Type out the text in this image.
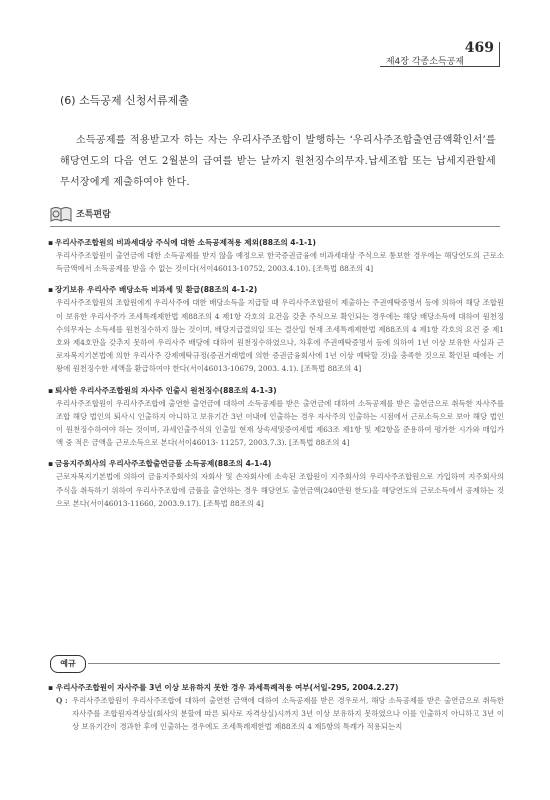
제4장 각종소득공제
469
(6) 소득공제 신청서류제출

소득공제를 적용받고자 하는 자는 우리사주조합이 발행하는 ‘우리사주조합출연금액확인서’를 해당연도의 다음 연도 2월분의 급여를 받는 날까지 원천징수의무자․납세조합 또는 납세지관할세무서장에게 제출하여야 한다.

조특편람
▪ 우리사주조합원의 비과세대상 주식에 대한 소득공제적용 제외(88조의 4-1-1)
우리사주조합원이 출연금에 대한 소득공제를 받지 않을 예정으로 한국증권금융에 비과세대상 주식으로 통보한 경우에는 해당연도의 근로소득금액에서 소득공제를 받을 수 없는 것이다(서이46013-10752, 2003.4.10). [조특법 88조의 4]
▪ 장기보유 우리사주 배당소득 비과세 및 환급(88조의 4-1-2)
우리사주조합원의 조합원에게 우리사주에 대한 배당소득을 지급할 때 우리사주조합원이 제출하는 주권예탁증명서 등에 의하여 해당 조합원이 보유한 우리사주가 조세특례제한법 제88조의 4 제1항 각호의 요건을 갖춘 주식으로 확인되는 경우에는 해당 배당소득에 대하여 원천징수의무자는 소득세를 원천징수하지 않는 것이며, 배당지급결의일 또는 결산일 현재 조세특례제한법 제88조의 4 제1항 각호의 요건 중 제1호와 제4호만을 갖추지 못하여 우리사주 배당에 대하여 원천징수하였으나, 차후에 주권예탁증명서 등에 의하여 1년 이상 보유한 사실과 근로자복지기본법에 의한 우리사주 강제예탁규정(증권거래법에 의한 증권금융회사에 1년 이상 예탁할 것)을 충족한 것으로 확인된 때에는 기왕에 원천징수한 세액을 환급하여야 한다(서이46013-10679, 2003. 4.1). [조특법 88조의 4]
▪ 퇴사한 우리사주조합원의 자사주 인출시 원천징수(88조의 4-1-3)
우리사주조합원이 우리사주조합에 출연한 출연금에 대하여 소득공제를 받은 출연금에 대하여 소득공제를 받은 출연금으로 취득한 자사주를 조합 해당 법인의 퇴사시 인출하지 아니하고 보유기간 3년 이내에 인출하는 경우 자사주의 인출하는 시점에서 근로소득으로 보아 해당 법인이 원천징수하여야 하는 것이며, 과세인출주식의 인출일 현재 상속세및증여세법 제63조 제1항 및 제2항을 준용하여 평가한 시가와 매입가액 중 적은 금액을 근로소득으로 본다(서이46013- 11257, 2003.7.3). [조특법 88조의 4]
▪ 금융지주회사의 우리사주조합출연금품 소득공제(88조의 4-1-4)
근로자복지기본법에 의하여 금융지주회사의 자회사 및 손자회사에 소속된 조합원이 지주회사의 우리사주조합원으로 가입하여 지주회사의 주식을 취득하기 위하여 우리사주조합에 금품을 출연하는 경우 해당연도 출연금액(240만원 한도)을 해당연도의 근로소득에서 공제하는 것으로 본다(서이46013-11660, 2003.9.17). [조특법 88조의 4]
예규
▪ 우리사주조합원이 자사주를 3년 이상 보유하지 못한 경우 과세특례적용 여부(서일-295, 2004.2.27)
Q : 우리사주조합원이 우리사주조합에 대하여 출연한 금액에 대하여 소득공제를 받은 경우로서, 해당 소득공제를 받은 출연금으로 취득한 자사주를 조합원자격상실(회사의 분할에 따른 퇴사로 자격상실)시까지 3년 이상 보유하지 못하였으나 이를 인출하지 아니하고 3년 이상 보유기간이 경과한 후에 인출하는 경우에도 조세특례제한법 제88조의 4 제5항의 특례가 적용되는지
